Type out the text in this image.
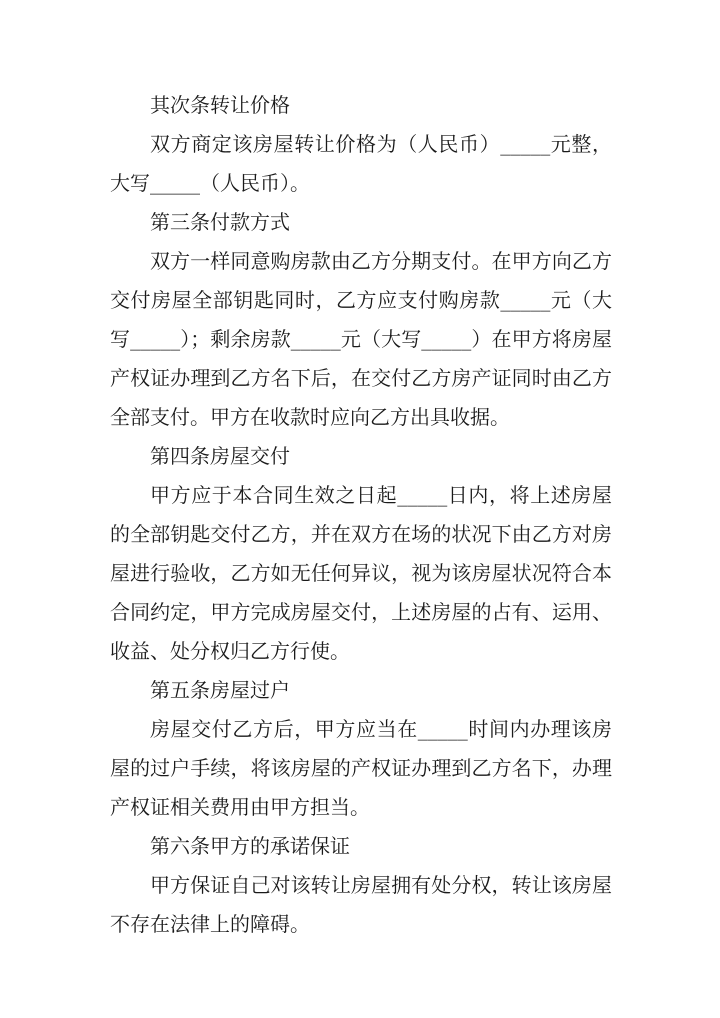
其次条转让价格

双方商定该房屋转让价格为（人民币）_____元整，大写_____（人民币）。

第三条付款方式

双方一样同意购房款由乙方分期支付。在甲方向乙方交付房屋全部钥匙同时，乙方应支付购房款_____元（大写_____）；剩余房款_____元（大写_____）在甲方将房屋产权证办理到乙方名下后，在交付乙方房产证同时由乙方全部支付。甲方在收款时应向乙方出具收据。

第四条房屋交付

甲方应于本合同生效之日起_____日内，将上述房屋的全部钥匙交付乙方，并在双方在场的状况下由乙方对房屋进行验收，乙方如无任何异议，视为该房屋状况符合本合同约定，甲方完成房屋交付，上述房屋的占有、运用、收益、处分权归乙方行使。

第五条房屋过户

房屋交付乙方后，甲方应当在_____时间内办理该房屋的过户手续，将该房屋的产权证办理到乙方名下，办理产权证相关费用由甲方担当。

第六条甲方的承诺保证

甲方保证自己对该转让房屋拥有处分权，转让该房屋不存在法律上的障碍。
